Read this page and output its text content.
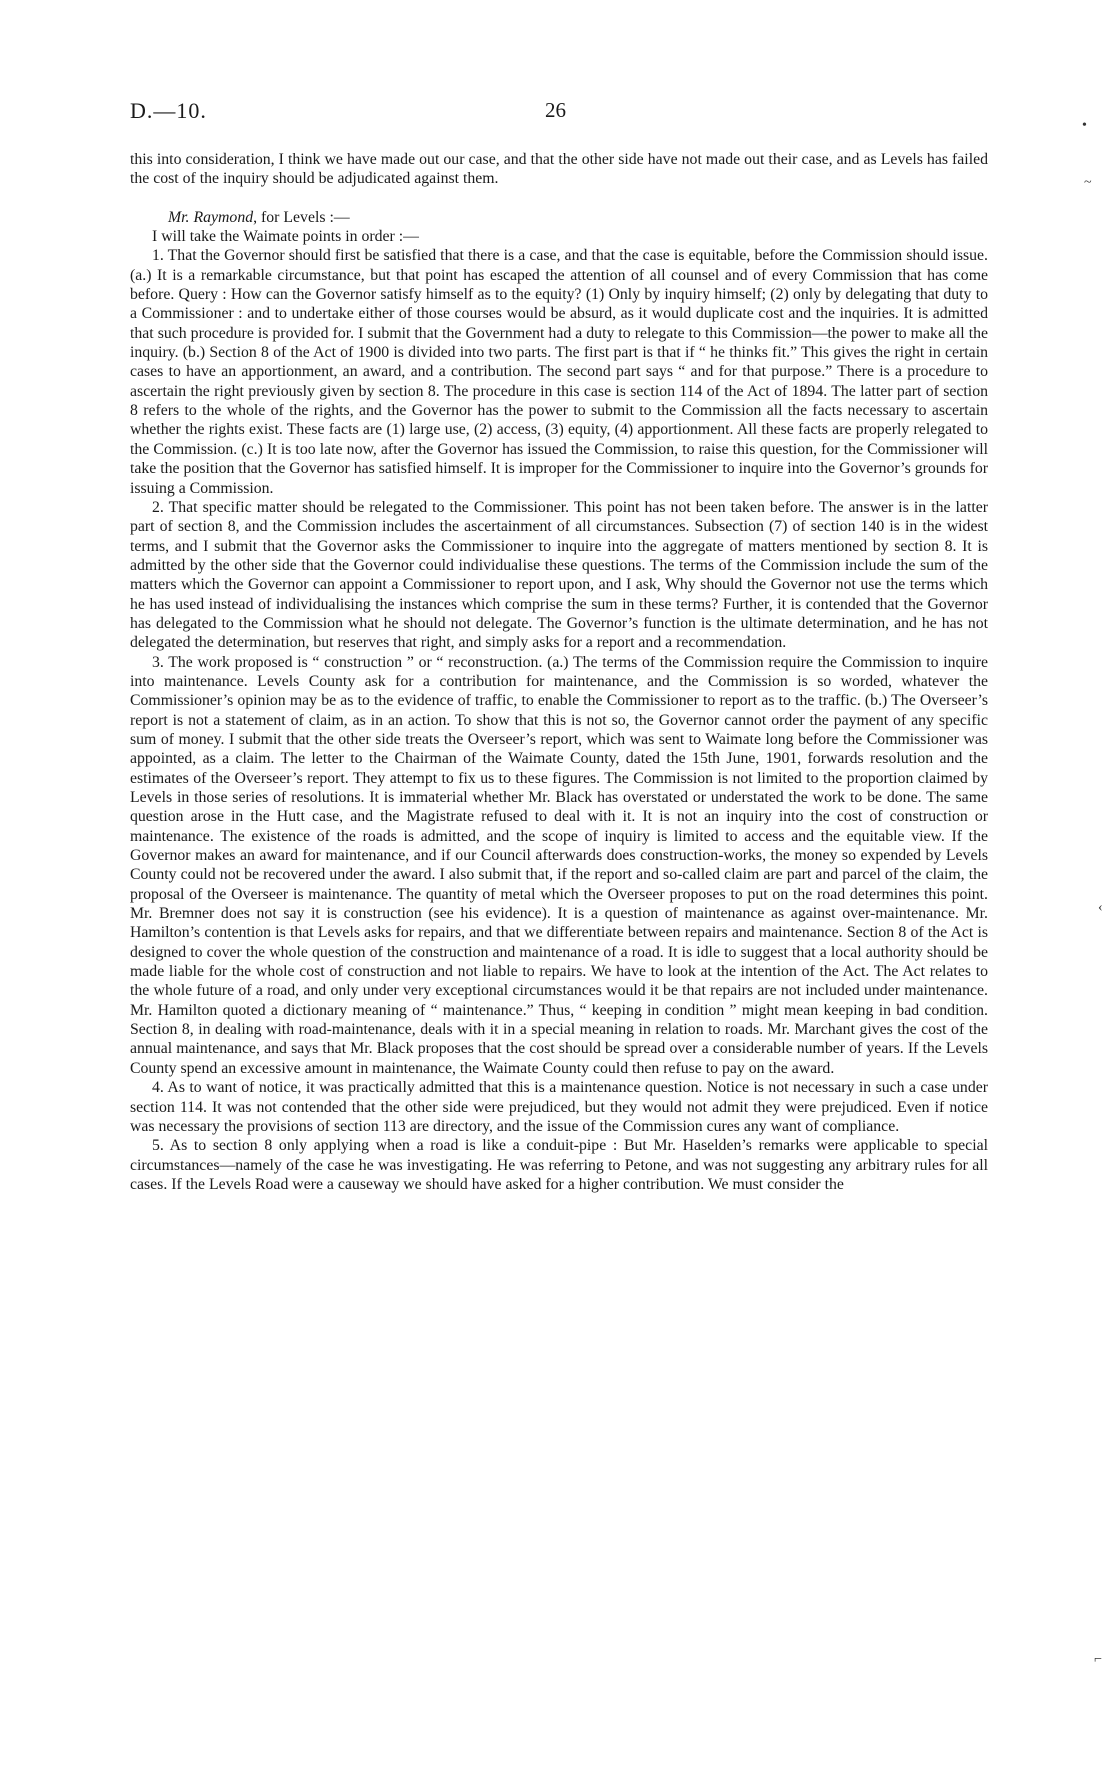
D.—10.	26

this into consideration, I think we have made out our case, and that the other side have not made out their case, and as Levels has failed the cost of the inquiry should be adjudicated against them.

Mr. Raymond, for Levels :—

I will take the Waimate points in order :—

1. That the Governor should first be satisfied that there is a case, and that the case is equitable, before the Commission should issue. (a.) It is a remarkable circumstance, but that point has escaped the attention of all counsel and of every Commission that has come before. Query : How can the Governor satisfy himself as to the equity? (1) Only by inquiry himself; (2) only by delegating that duty to a Commissioner : and to undertake either of those courses would be absurd, as it would duplicate cost and the inquiries. It is admitted that such procedure is provided for. I submit that the Government had a duty to relegate to this Commission—the power to make all the inquiry. (b.) Section 8 of the Act of 1900 is divided into two parts. The first part is that if “ he thinks fit.” This gives the right in certain cases to have an apportionment, an award, and a contribution. The second part says “ and for that purpose.” There is a procedure to ascertain the right previously given by section 8. The procedure in this case is section 114 of the Act of 1894. The latter part of section 8 refers to the whole of the rights, and the Governor has the power to submit to the Commission all the facts necessary to ascertain whether the rights exist. These facts are (1) large use, (2) access, (3) equity, (4) apportionment. All these facts are properly relegated to the Commission. (c.) It is too late now, after the Governor has issued the Commission, to raise this question, for the Commissioner will take the position that the Governor has satisfied himself. It is improper for the Commissioner to inquire into the Governor’s grounds for issuing a Commission.

2. That specific matter should be relegated to the Commissioner. This point has not been taken before. The answer is in the latter part of section 8, and the Commission includes the ascertainment of all circumstances. Subsection (7) of section 140 is in the widest terms, and I submit that the Governor asks the Commissioner to inquire into the aggregate of matters mentioned by section 8. It is admitted by the other side that the Governor could individualise these questions. The terms of the Commission include the sum of the matters which the Governor can appoint a Commissioner to report upon, and I ask, Why should the Governor not use the terms which he has used instead of individualising the instances which comprise the sum in these terms? Further, it is contended that the Governor has delegated to the Commission what he should not delegate. The Governor’s function is the ultimate determination, and he has not delegated the determination, but reserves that right, and simply asks for a report and a recommendation.

3. The work proposed is “ construction ” or “ reconstruction. (a.) The terms of the Commission require the Commission to inquire into maintenance. Levels County ask for a contribution for maintenance, and the Commission is so worded, whatever the Commissioner’s opinion may be as to the evidence of traffic, to enable the Commissioner to report as to the traffic. (b.) The Overseer’s report is not a statement of claim, as in an action. To show that this is not so, the Governor cannot order the payment of any specific sum of money. I submit that the other side treats the Overseer’s report, which was sent to Waimate long before the Commissioner was appointed, as a claim. The letter to the Chairman of the Waimate County, dated the 15th June, 1901, forwards resolution and the estimates of the Overseer’s report. They attempt to fix us to these figures. The Commission is not limited to the proportion claimed by Levels in those series of resolutions. It is immaterial whether Mr. Black has overstated or understated the work to be done. The same question arose in the Hutt case, and the Magistrate refused to deal with it. It is not an inquiry into the cost of construction or maintenance. The existence of the roads is admitted, and the scope of inquiry is limited to access and the equitable view. If the Governor makes an award for maintenance, and if our Council afterwards does construction-works, the money so expended by Levels County could not be recovered under the award. I also submit that, if the report and so-called claim are part and parcel of the claim, the proposal of the Overseer is maintenance. The quantity of metal which the Overseer proposes to put on the road determines this point. Mr. Bremner does not say it is construction (see his evidence). It is a question of maintenance as against over-maintenance. Mr. Hamilton’s contention is that Levels asks for repairs, and that we differentiate between repairs and maintenance. Section 8 of the Act is designed to cover the whole question of the construction and maintenance of a road. It is idle to suggest that a local authority should be made liable for the whole cost of construction and not liable to repairs. We have to look at the intention of the Act. The Act relates to the whole future of a road, and only under very exceptional circumstances would it be that repairs are not included under maintenance. Mr. Hamilton quoted a dictionary meaning of “ maintenance.” Thus, “ keeping in condition ” might mean keeping in bad condition. Section 8, in dealing with road-maintenance, deals with it in a special meaning in relation to roads. Mr. Marchant gives the cost of the annual maintenance, and says that Mr. Black proposes that the cost should be spread over a considerable number of years. If the Levels County spend an excessive amount in maintenance, the Waimate County could then refuse to pay on the award.

4. As to want of notice, it was practically admitted that this is a maintenance question. Notice is not necessary in such a case under section 114. It was not contended that the other side were prejudiced, but they would not admit they were prejudiced. Even if notice was necessary the provisions of section 113 are directory, and the issue of the Commission cures any want of compliance.

5. As to section 8 only applying when a road is like a conduit-pipe : But Mr. Haselden’s remarks were applicable to special circumstances—namely of the case he was investigating. He was referring to Petone, and was not suggesting any arbitrary rules for all cases. If the Levels Road were a causeway we should have asked for a higher contribution. We must consider the

•
~
‹
⌐
